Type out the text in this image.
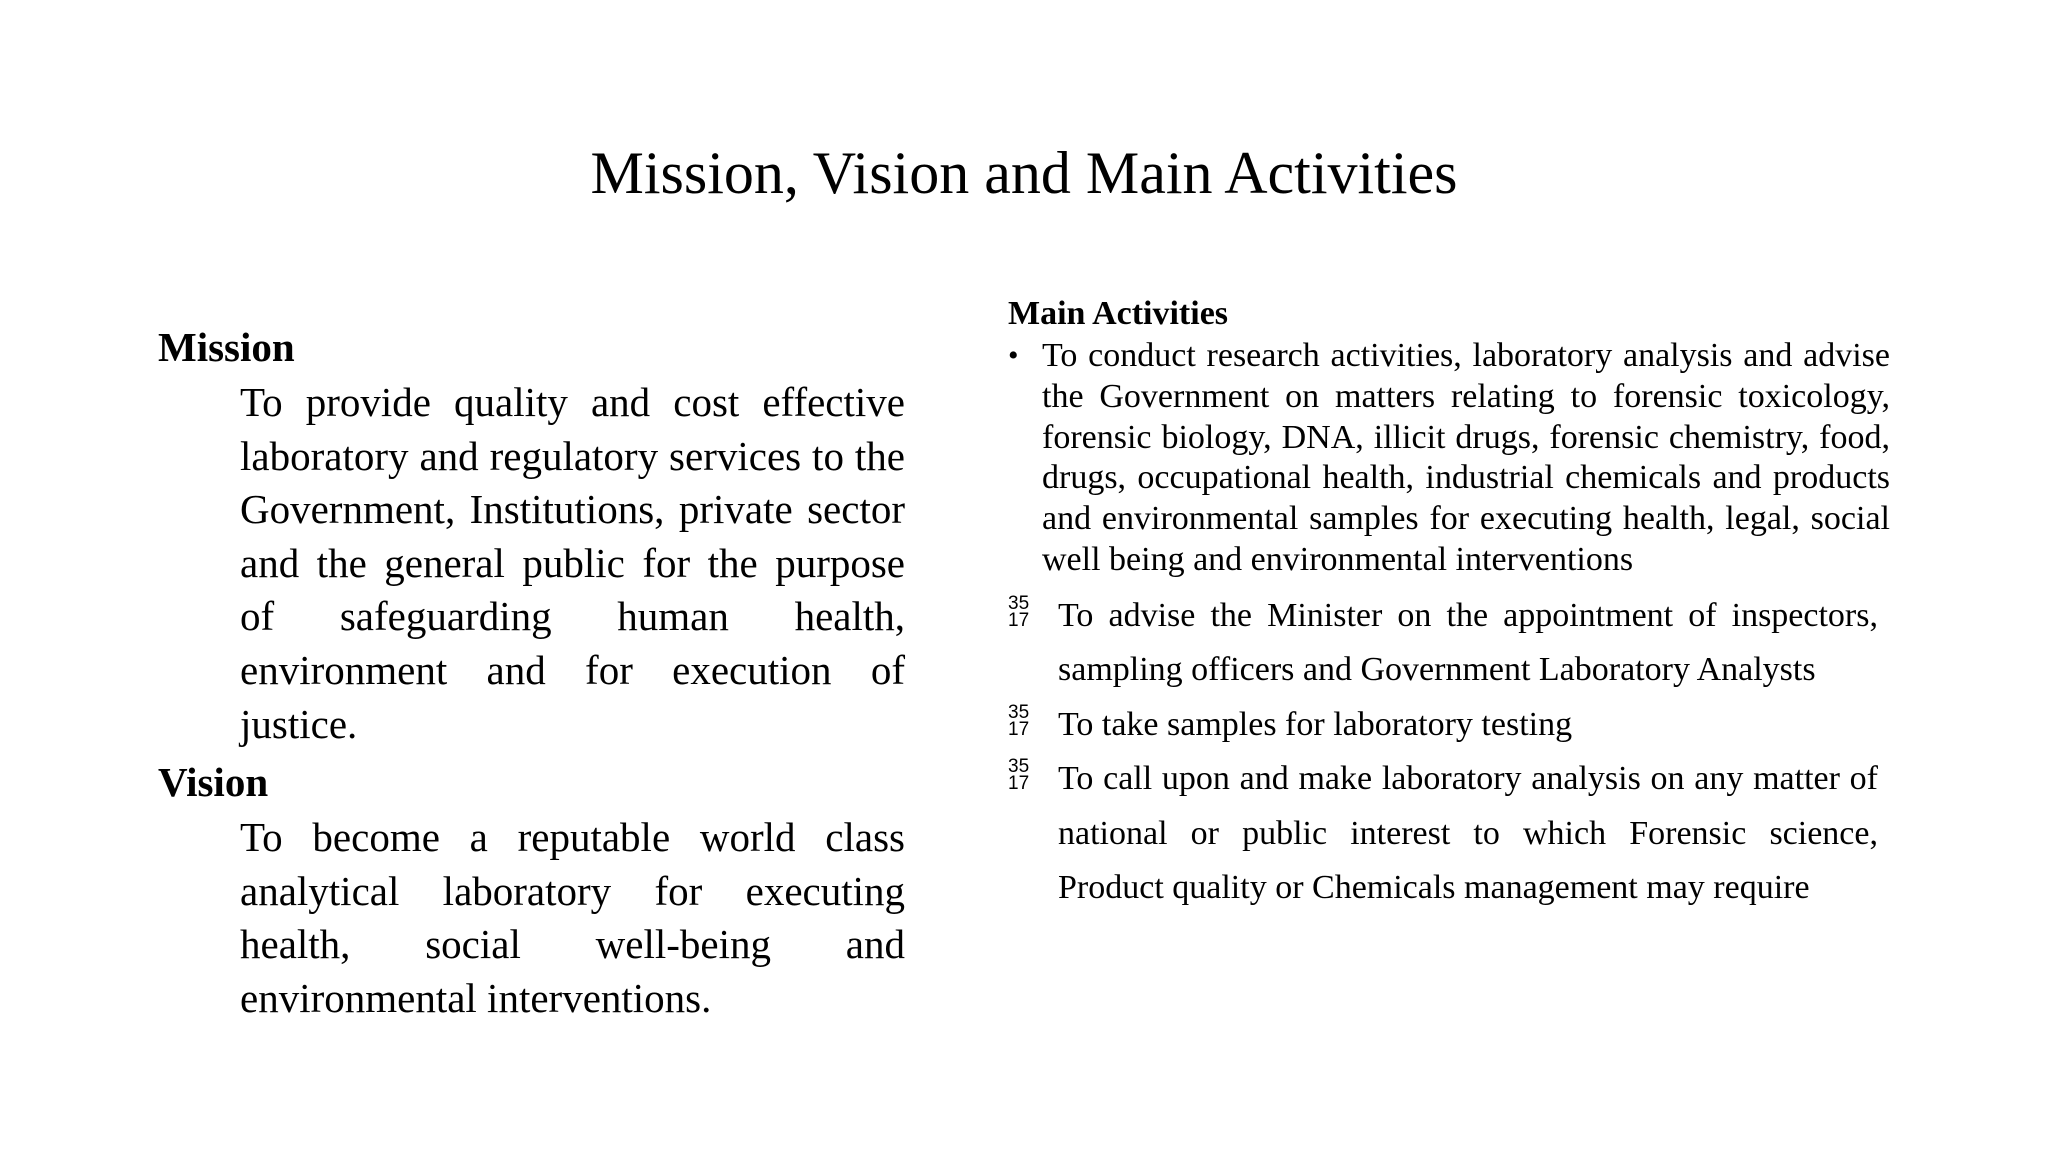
Mission, Vision and Main Activities

Mission

To provide quality and cost effective laboratory and regulatory services to the Government, Institutions, private sector and the general public for the purpose of safeguarding human health, environment and for execution of justice.

Vision

To become a reputable world class analytical laboratory for executing health, social well-being and environmental interventions.

Main Activities

• To conduct research activities, laboratory analysis and advise the Government on matters relating to forensic toxicology, forensic biology, DNA, illicit drugs, forensic chemistry, food, drugs, occupational health, industrial chemicals and products and environmental samples for executing health, legal, social well being and environmental interventions
35
17 To advise the Minister on the appointment of inspectors, sampling officers and Government Laboratory Analysts
35
17 To take samples for laboratory testing
35
17 To call upon and make laboratory analysis on any matter of national or public interest to which Forensic science, Product quality or Chemicals management may require
